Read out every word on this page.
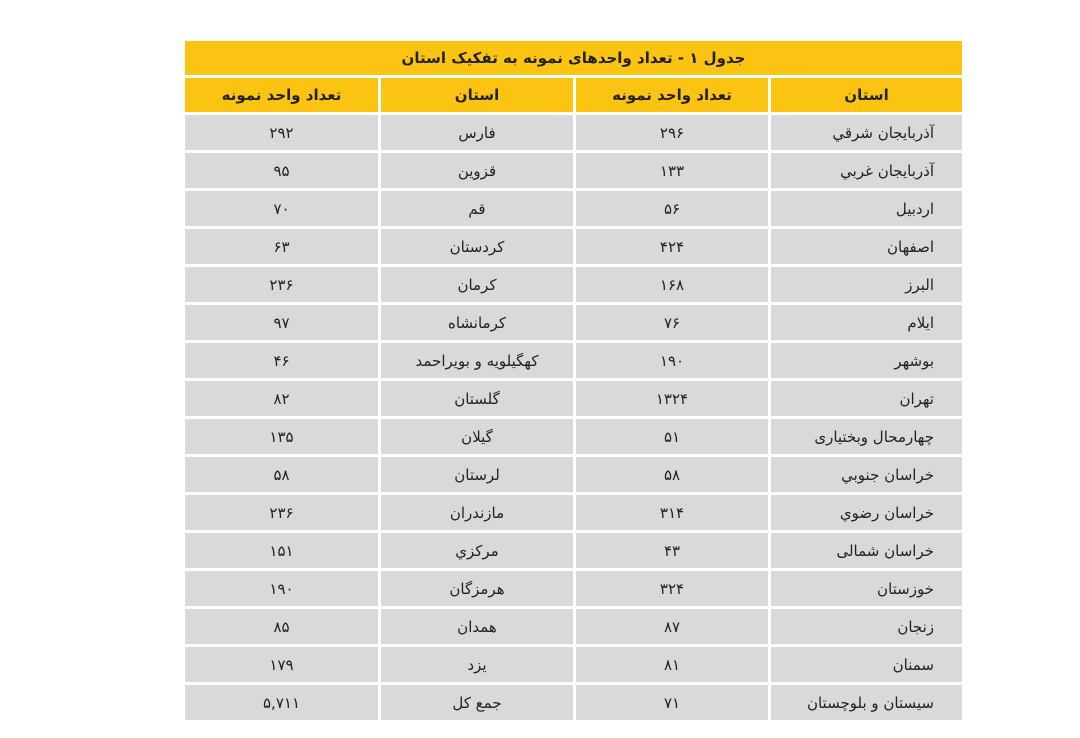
جدول ۱ - تعداد واحدهای نمونه به تفکیک استان
استان	تعداد واحد نمونه	استان	تعداد واحد نمونه
آذربایجان شرقي	۲۹۶	فارس	۲۹۲
آذربایجان غربي	۱۳۳	قزوین	۹۵
اردبيل	۵۶	قم	۷۰
اصفهان	۴۲۴	کردستان	۶۳
البرز	۱۶۸	کرمان	۲۳۶
ايلام	۷۶	کرمانشاه	۹۷
بوشهر	۱۹۰	کهگیلویه و بویراحمد	۴۶
تهران	۱۳۲۴	گلستان	۸۲
چهارمحال وبختیاری	۵۱	گيلان	۱۳۵
خراسان جنوبي	۵۸	لرستان	۵۸
خراسان رضوي	۳۱۴	مازندران	۲۳۶
خراسان شمالی	۴۳	مرکزي	۱۵۱
خوزستان	۳۲۴	هرمزگان	۱۹۰
زنجان	۸۷	همدان	۸۵
سمنان	۸۱	یزد	۱۷۹
سیستان و بلوچستان	۷۱	جمع کل	۵,۷۱۱
